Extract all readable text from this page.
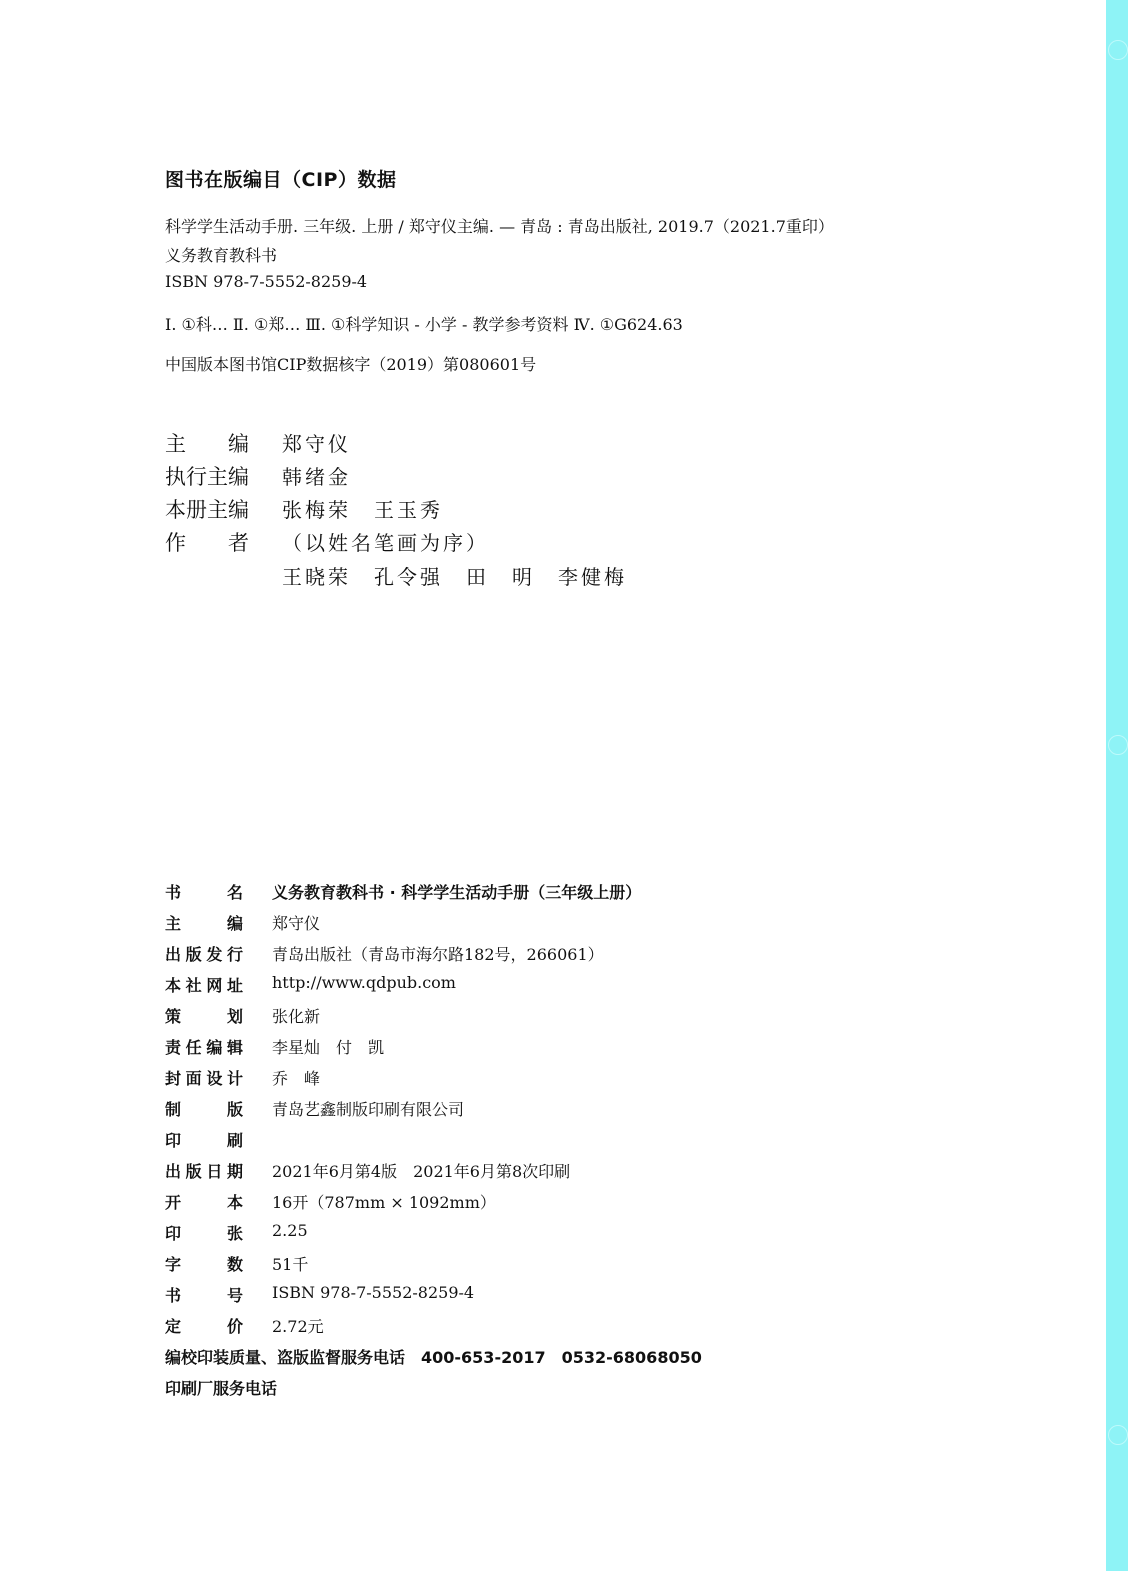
图书在版编目（CIP）数据
科学学生活动手册. 三年级. 上册 / 郑守仪主编. — 青岛 : 青岛出版社, 2019.7（2021.7重印）
义务教育教科书
ISBN 978-7-5552-8259-4
Ⅰ. ①科… Ⅱ. ①郑… Ⅲ. ①科学知识 - 小学 - 教学参考资料 Ⅳ. ①G624.63
中国版本图书馆CIP数据核字（2019）第080601号
主　　编 郑守仪
执行主编 韩绪金
本册主编 张梅荣　王玉秀
作　　者 （以姓名笔画为序）
王晓荣　孔令强　田　明　李健梅
书	名 义务教育教科书 · 科学学生活动手册（三年级上册）
主	编 郑守仪
出 版 发 行 青岛出版社（青岛市海尔路182号，266061）
本 社 网 址 http://www.qdpub.com
策	划 张化新
责 任 编 辑 李星灿　付　凯
封 面 设 计 乔　峰
制	版 青岛艺鑫制版印刷有限公司
印	刷
出 版 日 期 2021年6月第4版　2021年6月第8次印刷
开	本 16开（787mm × 1092mm）
印	张 2.25
字	数 51千
书	号 ISBN 978-7-5552-8259-4
定	价 2.72元
编校印装质量、盗版监督服务电话　400-653-2017　0532-68068050
印刷厂服务电话
